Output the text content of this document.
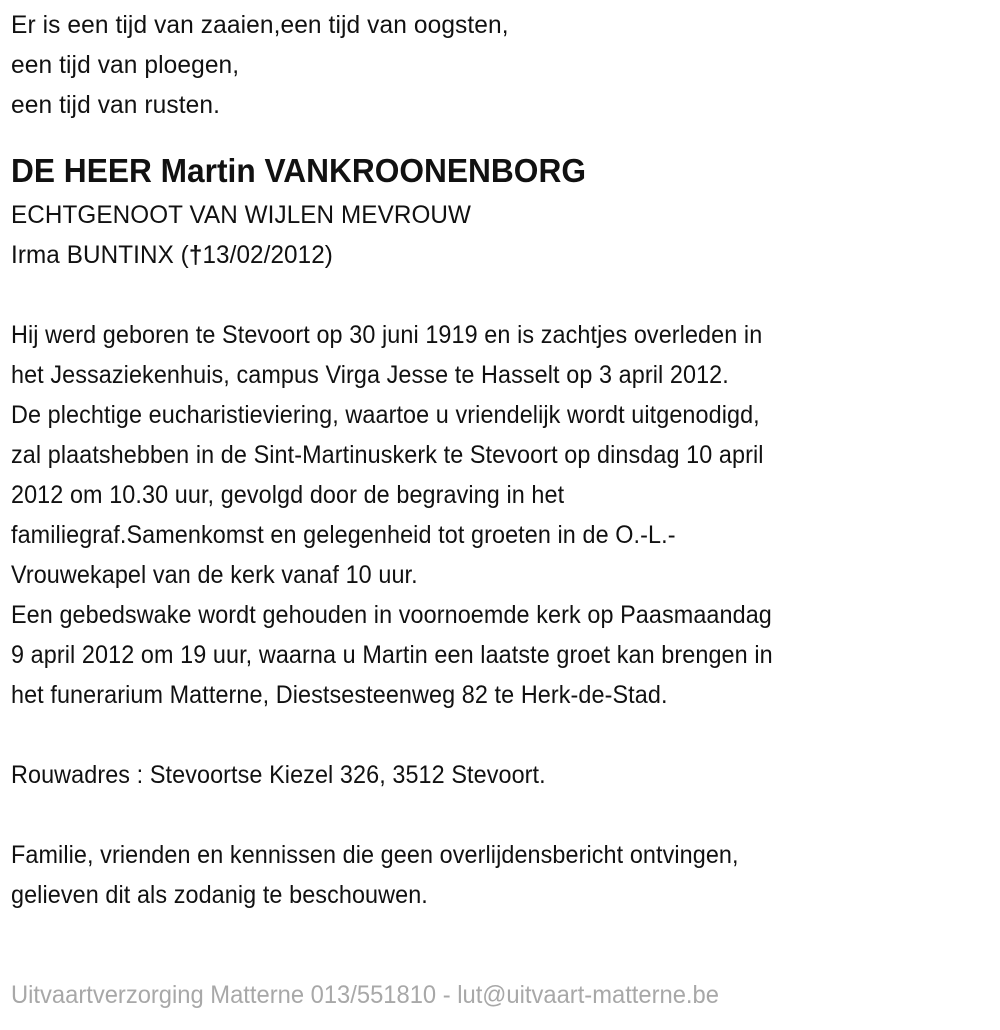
Er is een tijd van zaaien,een tijd van oogsten,
een tijd van ploegen,
een tijd van rusten.
DE HEER Martin VANKROONENBORG
ECHTGENOOT VAN WIJLEN MEVROUW
Irma BUNTINX (†13/02/2012)
Hij werd geboren te Stevoort op 30 juni 1919 en is zachtjes overleden in
het Jessaziekenhuis, campus Virga Jesse te Hasselt op 3 april 2012.
De plechtige eucharistieviering, waartoe u vriendelijk wordt uitgenodigd,
zal plaatshebben in de Sint-Martinuskerk te Stevoort op dinsdag 10 april
2012 om 10.30 uur, gevolgd door de begraving in het
familiegraf.Samenkomst en gelegenheid tot groeten in de O.-L.-
Vrouwekapel van de kerk vanaf 10 uur.
Een gebedswake wordt gehouden in voornoemde kerk op Paasmaandag
9 april 2012 om 19 uur, waarna u Martin een laatste groet kan brengen in
het funerarium Matterne, Diestsesteenweg 82 te Herk-de-Stad.
Rouwadres : Stevoortse Kiezel 326, 3512 Stevoort.
Familie, vrienden en kennissen die geen overlijdensbericht ontvingen,
gelieven dit als zodanig te beschouwen.
Uitvaartverzorging Matterne 013/551810 - lut@uitvaart-matterne.be
